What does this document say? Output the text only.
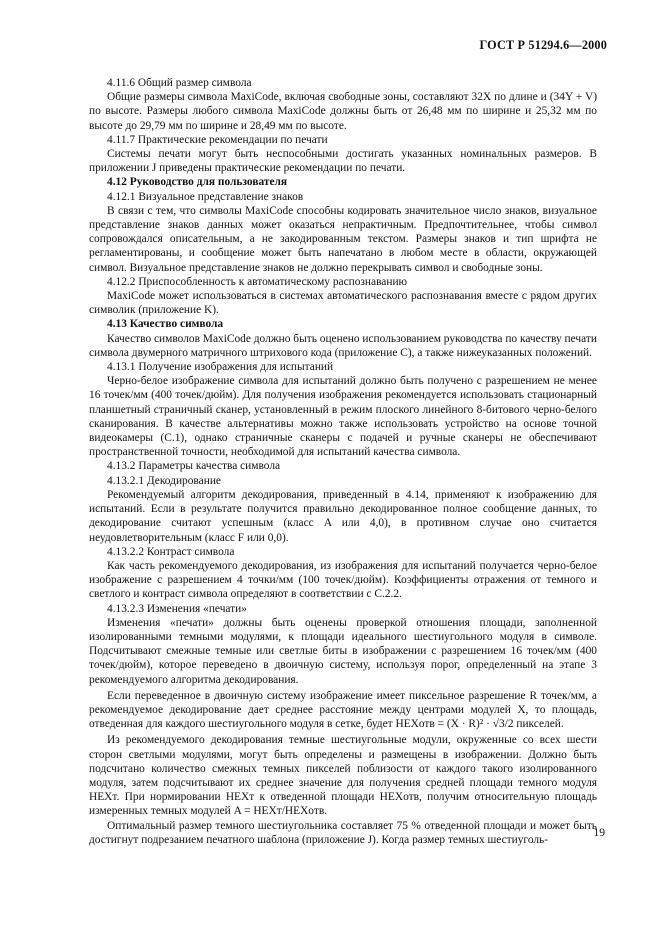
ГОСТ Р 51294.6—2000
4.11.6 Общий размер символа
Общие размеры символа MaxiCode, включая свободные зоны, составляют 32X по длине и (34Y + V) по высоте. Размеры любого символа MaxiCode должны быть от 26,48 мм по ширине и 25,32 мм по высоте до 29,79 мм по ширине и 28,49 мм по высоте.
4.11.7 Практические рекомендации по печати
Системы печати могут быть неспособными достигать указанных номинальных размеров. В приложении J приведены практические рекомендации по печати.
4.12 Руководство для пользователя
4.12.1 Визуальное представление знаков
В связи с тем, что символы MaxiCode способны кодировать значительное число знаков, визуальное представление знаков данных может оказаться непрактичным. Предпочтительнее, чтобы символ сопровождался описательным, а не закодированным текстом. Размеры знаков и тип шрифта не регламентированы, и сообщение может быть напечатано в любом месте в области, окружающей символ. Визуальное представление знаков не должно перекрывать символ и свободные зоны.
4.12.2 Приспособленность к автоматическому распознаванию
MaxiCode может использоваться в системах автоматического распознавания вместе с рядом других символик (приложение K).
4.13 Качество символа
Качество символов MaxiCode должно быть оценено использованием руководства по качеству печати символа двумерного матричного штрихового кода (приложение C), а также нижеуказанных положений.
4.13.1 Получение изображения для испытаний
Черно-белое изображение символа для испытаний должно быть получено с разрешением не менее 16 точек/мм (400 точек/дюйм). Для получения изображения рекомендуется использовать стационарный планшетный страничный сканер, установленный в режим плоского линейного 8-битового черно-белого сканирования. В качестве альтернативы можно также использовать устройство на основе точной видеокамеры (C.1), однако страничные сканеры с подачей и ручные сканеры не обеспечивают пространственной точности, необходимой для испытаний качества символа.
4.13.2 Параметры качества символа
4.13.2.1 Декодирование
Рекомендуемый алгоритм декодирования, приведенный в 4.14, применяют к изображению для испытаний. Если в результате получится правильно декодированное полное сообщение данных, то декодирование считают успешным (класс A или 4,0), в противном случае оно считается неудовлетворительным (класс F или 0,0).
4.13.2.2 Контраст символа
Как часть рекомендуемого декодирования, из изображения для испытаний получается черно-белое изображение с разрешением 4 точки/мм (100 точек/дюйм). Коэффициенты отражения от темного и светлого и контраст символа определяют в соответствии с C.2.2.
4.13.2.3 Изменения «печати»
Изменения «печати» должны быть оценены проверкой отношения площади, заполненной изолированными темными модулями, к площади идеального шестиугольного модуля в символе. Подсчитывают смежные темные или светлые биты в изображении с разрешением 16 точек/мм (400 точек/дюйм), которое переведено в двоичную систему, используя порог, определенный на этапе 3 рекомендуемого алгоритма декодирования.
Если переведенное в двоичную систему изображение имеет пиксельное разрешение R точек/мм, а рекомендуемое декодирование дает среднее расстояние между центрами модулей X, то площадь, отведенная для каждого шестиугольного модуля в сетке, будет HEXотв = (X · R)² · √3/2 пикселей.
Из рекомендуемого декодирования темные шестиугольные модули, окруженные со всех шести сторон светлыми модулями, могут быть определены и размещены в изображении. Должно быть подсчитано количество смежных темных пикселей поблизости от каждого такого изолированного модуля, затем подсчитывают их среднее значение для получения средней площади темного модуля HEXт. При нормировании HEXт к отведенной площади HEXотв, получим относительную площадь измеренных темных модулей A = HEXт/HEXотв.
Оптимальный размер темного шестиугольника составляет 75 % отведенной площади и может быть достигнут подрезанием печатного шаблона (приложение J). Когда размер темных шестиуголь-
19
